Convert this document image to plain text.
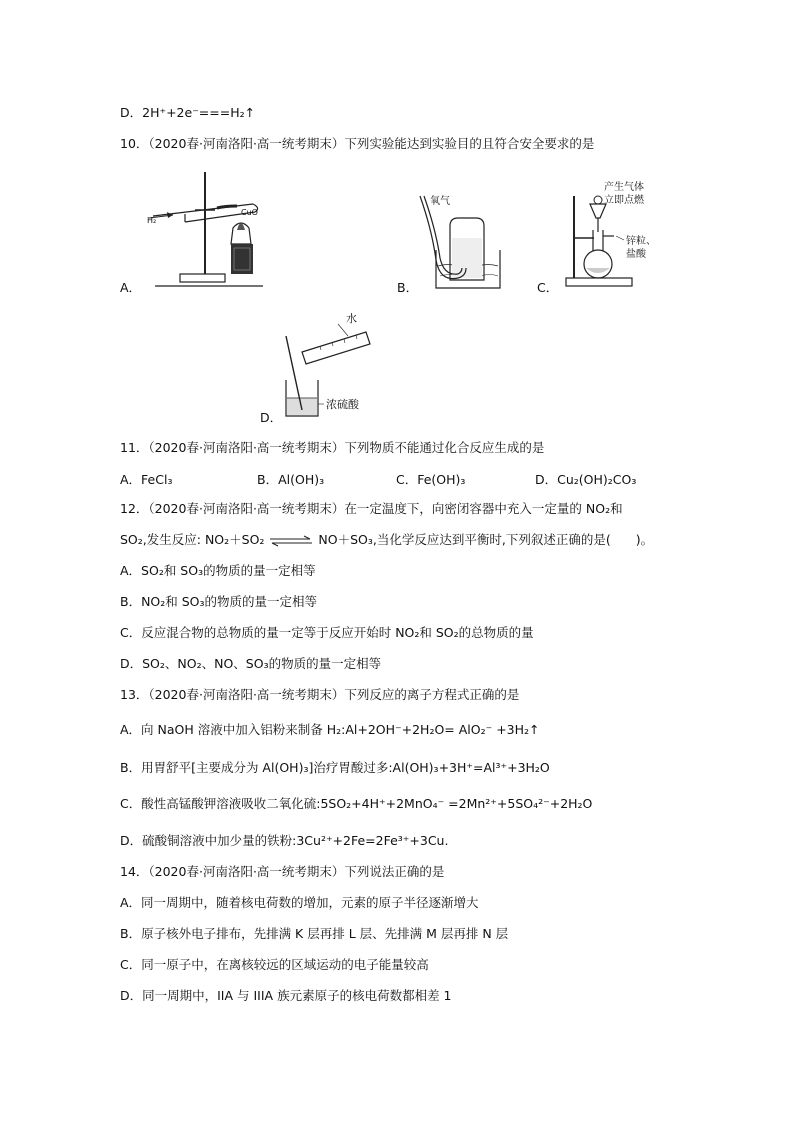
D．2H⁺+2e⁻===H₂↑
10．（2020春·河南洛阳·高一统考期末）下列实验能达到实验目的且符合安全要求的是
A．
H₂
CuO
B．
氧气
C．
产生气体
立即点燃
锌粒、
盐酸
D．
水
浓硫酸
11．（2020春·河南洛阳·高一统考期末）下列物质不能通过化合反应生成的是
A．FeCl₃	B．Al(OH)₃	C．Fe(OH)₃	D．Cu₂(OH)₂CO₃
12．（2020春·河南洛阳·高一统考期末）在一定温度下，向密闭容器中充入一定量的 NO₂和
SO₂,发生反应: NO₂＋SO₂ ⇌ NO＋SO₃,当化学反应达到平衡时,下列叙述正确的是(　　)。
A．SO₂和 SO₃的物质的量一定相等
B．NO₂和 SO₃的物质的量一定相等
C．反应混合物的总物质的量一定等于反应开始时 NO₂和 SO₂的总物质的量
D．SO₂、NO₂、NO、SO₃的物质的量一定相等
13．（2020春·河南洛阳·高一统考期末）下列反应的离子方程式正确的是
A．向 NaOH 溶液中加入铝粉来制备 H₂:Al+2OH⁻+2H₂O= AlO₂⁻ +3H₂↑
B．用胃舒平[主要成分为 Al(OH)₃]治疗胃酸过多:Al(OH)₃+3H⁺=Al³⁺+3H₂O
C．酸性高锰酸钾溶液吸收二氧化硫:5SO₂+4H⁺+2MnO₄⁻ =2Mn²⁺+5SO₄²⁻+2H₂O
D．硫酸铜溶液中加少量的铁粉:3Cu²⁺+2Fe=2Fe³⁺+3Cu.
14．（2020春·河南洛阳·高一统考期末）下列说法正确的是
A．同一周期中，随着核电荷数的增加，元素的原子半径逐渐增大
B．原子核外电子排布，先排满 K 层再排 L 层、先排满 M 层再排 N 层
C．同一原子中，在离核较远的区域运动的电子能量较高
D．同一周期中，IIA 与 IIIA 族元素原子的核电荷数都相差 1
